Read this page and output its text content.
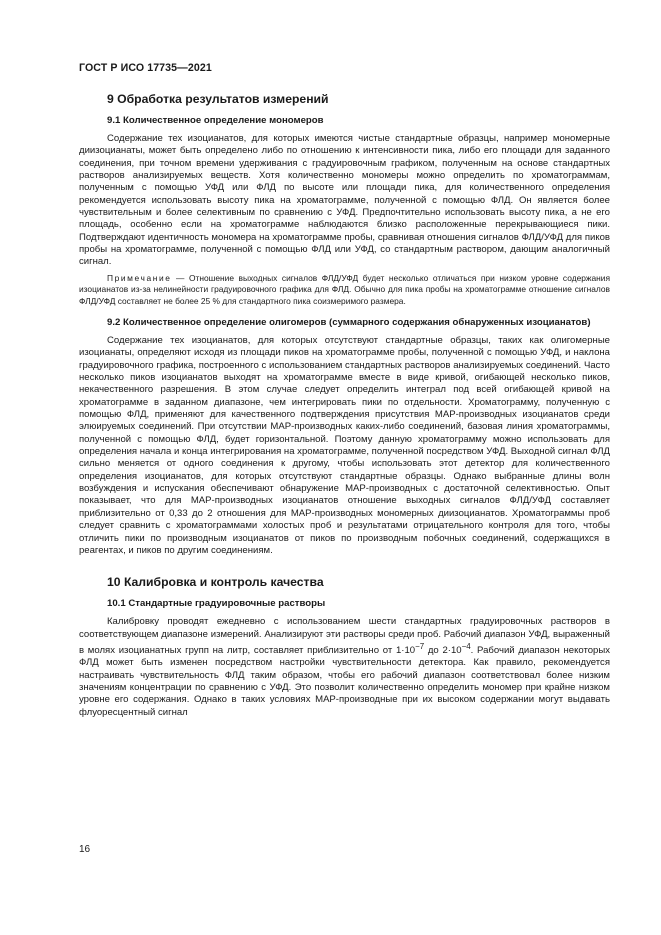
ГОСТ Р ИСО 17735—2021
9 Обработка результатов измерений
9.1 Количественное определение мономеров

Содержание тех изоцианатов, для которых имеются чистые стандартные образцы, например мономерные диизоцианаты, может быть определено либо по отношению к интенсивности пика, либо его площади для заданного соединения, при точном времени удерживания с градуировочным графиком, полученным на основе стандартных растворов анализируемых веществ. Хотя количественно мономеры можно определить по хроматограммам, полученным с помощью УФД или ФЛД по высоте или площади пика, для количественного определения рекомендуется использовать высоту пика на хроматограмме, полученной с помощью ФЛД. Он является более чувствительным и более селективным по сравнению с УФД. Предпочтительно использовать высоту пика, а не его площадь, особенно если на хроматограмме наблюдаются близко расположенные перекрывающиеся пики. Подтверждают идентичность мономера на хроматограмме пробы, сравнивая отношения сигналов ФЛД/УФД для пиков пробы на хроматограмме, полученной с помощью ФЛД или УФД, со стандартным раствором, дающим аналогичный сигнал.

Примечание — Отношение выходных сигналов ФЛД/УФД будет несколько отличаться при низком уровне содержания изоцианатов из-за нелинейности градуировочного графика для ФЛД. Обычно для пика пробы на хроматограмме отношение сигналов ФЛД/УФД составляет не более 25 % для стандартного пика соизмеримого размера.
9.2 Количественное определение олигомеров (суммарного содержания обнаруженных изоцианатов)

Содержание тех изоцианатов, для которых отсутствуют стандартные образцы, таких как олигомерные изоцианаты, определяют исходя из площади пиков на хроматограмме пробы, полученной с помощью УФД, и наклона градуировочного графика, построенного с использованием стандартных растворов анализируемых соединений. Часто несколько пиков изоцианатов выходят на хроматограмме вместе в виде кривой, огибающей несколько пиков, некачественного разрешения. В этом случае следует определить интеграл под всей огибающей кривой на хроматограмме в заданном диапазоне, чем интегрировать пики по отдельности. Хроматограмму, полученную с помощью ФЛД, применяют для качественного подтверждения присутствия МАР-производных изоцианатов среди элюируемых соединений. При отсутствии МАР-производных каких-либо соединений, базовая линия хроматограммы, полученной с помощью ФЛД, будет горизонтальной. Поэтому данную хроматограмму можно использовать для определения начала и конца интегрирования на хроматограмме, полученной посредством УФД. Выходной сигнал ФЛД сильно меняется от одного соединения к другому, чтобы использовать этот детектор для количественного определения изоцианатов, для которых отсутствуют стандартные образцы. Однако выбранные длины волн возбуждения и испускания обеспечивают обнаружение МАР-производных с достаточной селективностью. Опыт показывает, что для МАР-производных изоцианатов отношение выходных сигналов ФЛД/УФД составляет приблизительно от 0,33 до 2 отношения для МАР-производных мономерных диизоцианатов. Хроматограммы проб следует сравнить с хроматограммами холостых проб и результатами отрицательного контроля для того, чтобы отличить пики по производным изоцианатов от пиков по производным побочных соединений, содержащихся в реагентах, и пиков по другим соединениям.

10 Калибровка и контроль качества
10.1 Стандартные градуировочные растворы

Калибровку проводят ежедневно с использованием шести стандартных градуировочных растворов в соответствующем диапазоне измерений. Анализируют эти растворы среди проб. Рабочий диапазон УФД, выраженный в молях изоцианатных групп на литр, составляет приблизительно от $1\cdot 10^{-7}$ до $2\cdot 10^{-4}$. Рабочий диапазон некоторых ФЛД может быть изменен посредством настройки чувствительности детектора. Как правило, рекомендуется настраивать чувствительность ФЛД таким образом, чтобы его рабочий диапазон соответствовал более низким значениям концентрации по сравнению с УФД. Это позволит количественно определить мономер при крайне низком уровне его содержания. Однако в таких условиях МАР-производные при их высоком содержании могут выдавать флуоресцентный сигнал

16
